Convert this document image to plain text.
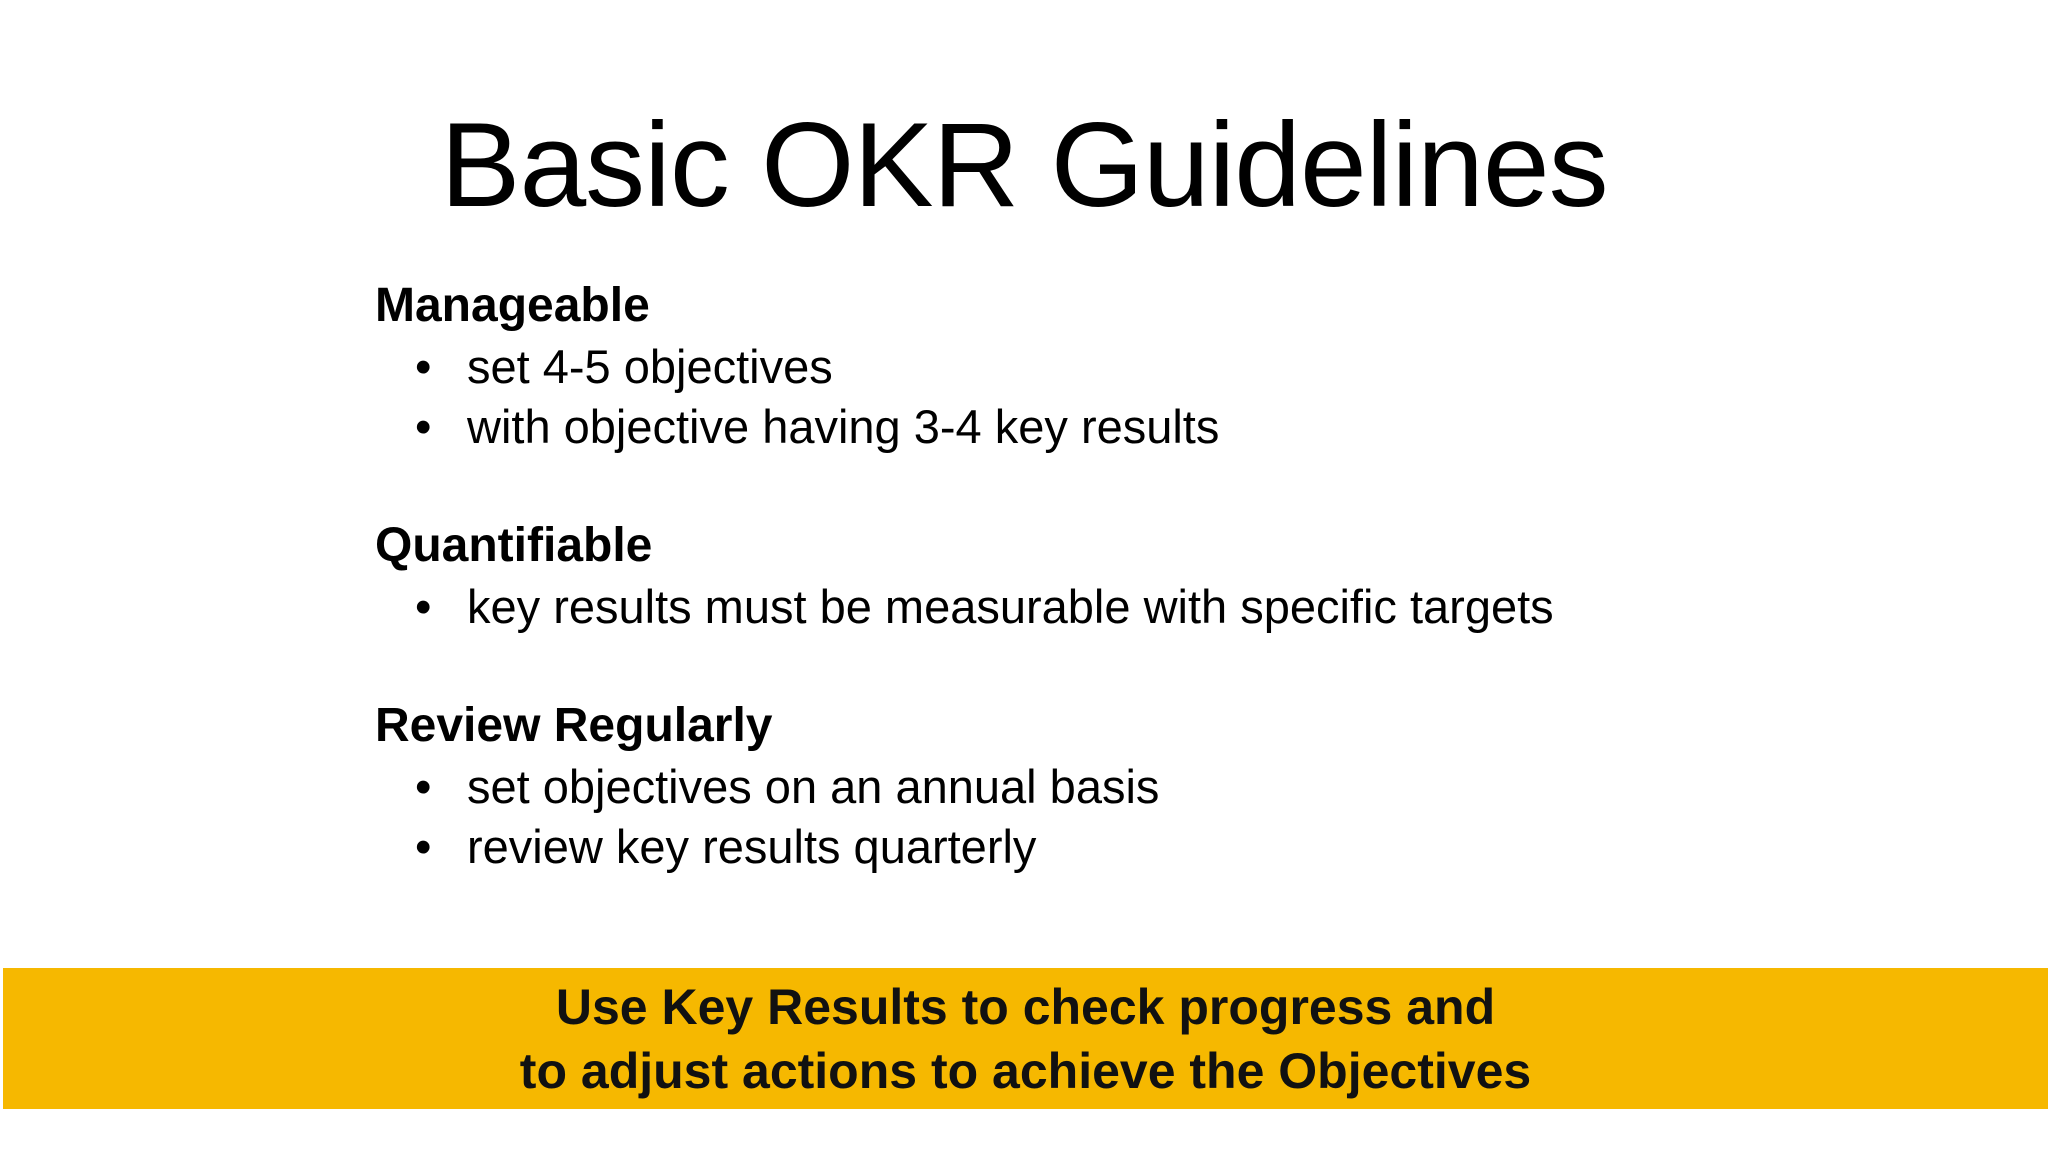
Basic OKR Guidelines

Manageable

• set 4-5 objectives
• with objective having 3-4 key results

Quantifiable

• key results must be measurable with specific targets

Review Regularly

• set objectives on an annual basis
• review key results quarterly
Use Key Results to check progress and
to adjust actions to achieve the Objectives
